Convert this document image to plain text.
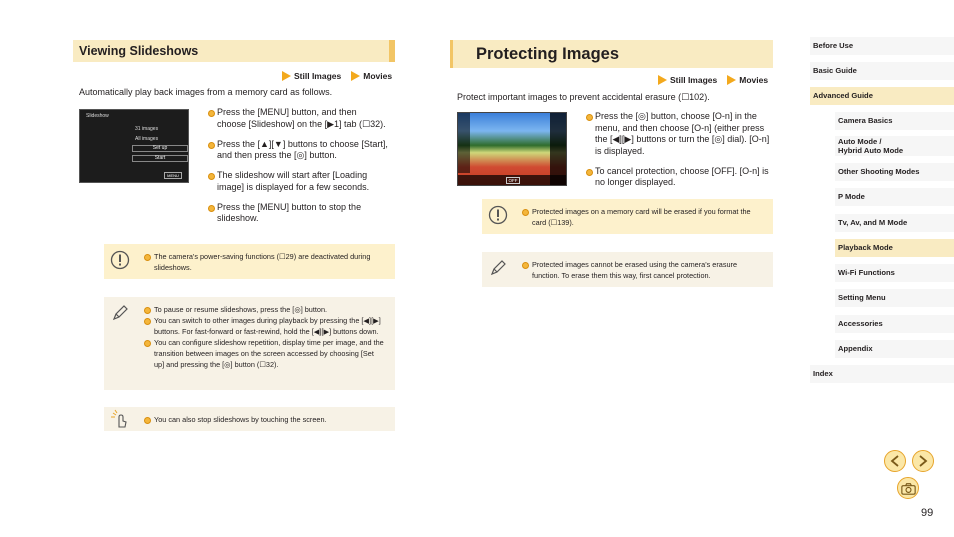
Viewing Slideshows
Still Images	Movies
Automatically play back images from a memory card as follows.
Slideshow
31 images
All images
Set up
Start
MENU
Press the [MENU] button, and then choose [Slideshow] on the [▶1] tab (☐32).
Press the [▲][▼] buttons to choose [Start], and then press the [◎] button.
The slideshow will start after [Loading image] is displayed for a few seconds.
Press the [MENU] button to stop the slideshow.
The camera's power-saving functions (☐29) are deactivated during slideshows.
To pause or resume slideshows, press the [◎] button.
You can switch to other images during playback by pressing the [◀][▶] buttons. For fast-forward or fast-rewind, hold the [◀][▶] buttons down.
You can configure slideshow repetition, display time per image, and the transition between images on the screen accessed by choosing [Set up] and pressing the [◎] button (☐32).
You can also stop slideshows by touching the screen.
Protecting Images
Still Images	Movies
Protect important images to prevent accidental erasure (☐102).
OFF
Press the [◎] button, choose [O‑n] in the menu, and then choose [O‑n] (either press the [◀][▶] buttons or turn the [◎] dial). [O‑n] is displayed.
To cancel protection, choose [OFF]. [O‑n] is no longer displayed.
Protected images on a memory card will be erased if you format the card (☐139).
Protected images cannot be erased using the camera's erasure function. To erase them this way, first cancel protection.
Before Use
Basic Guide
Advanced Guide
Camera Basics
Auto Mode /
Hybrid Auto Mode
Other Shooting Modes
P Mode
Tv, Av, and M Mode
Playback Mode
Wi-Fi Functions
Setting Menu
Accessories
Appendix
Index
99
